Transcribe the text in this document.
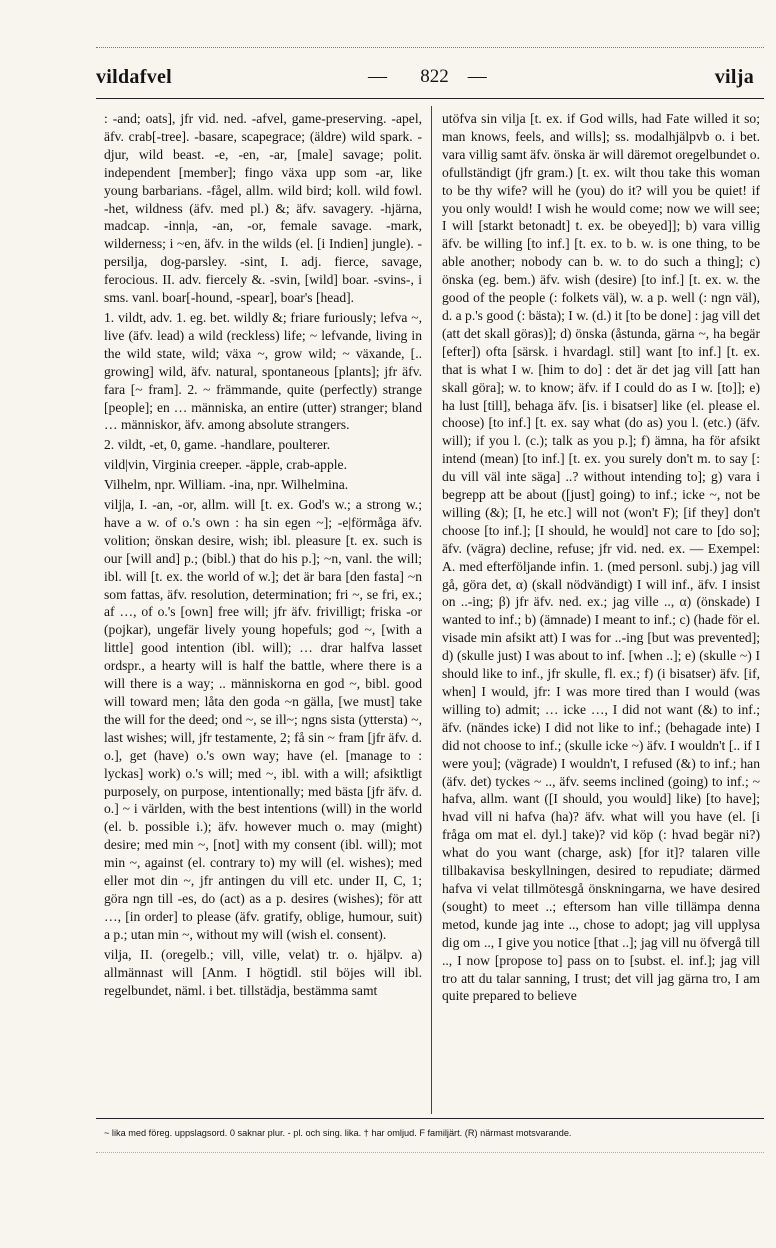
vildafvel	— 822 —	vilja

: -and; oats], jfr vid. ned. -afvel, game-preserving. -apel, äfv. crab[-tree]. -basare, scapegrace; (äldre) wild spark. -djur, wild beast. -e, -en, -ar, [male] savage; polit. independent [member]; fingo växa upp som -ar, like young barbarians. -fågel, allm. wild bird; koll. wild fowl. -het, wildness (äfv. med pl.) &; äfv. savagery. -hjärna, madcap. -inn|a, -an, -or, female savage. -mark, wilderness; i ~en, äfv. in the wilds (el. [i Indien] jungle). -persilja, dog-parsley. -sint, I. adj. fierce, savage, ferocious. II. adv. fiercely &. -svin, [wild] boar. -svins-, i sms. vanl. boar[-hound, -spear], boar's [head].

1. vildt, adv. 1. eg. bet. wildly &; friare furiously; lefva ~, live (äfv. lead) a wild (reckless) life; ~ lefvande, living in the wild state, wild; växa ~, grow wild; ~ växande, [.. growing] wild, äfv. natural, spontaneous [plants]; jfr äfv. fara [~ fram]. 2. ~ främmande, quite (perfectly) strange [people]; en … människa, an entire (utter) stranger; bland … människor, äfv. among absolute strangers.

2. vildt, -et, 0, game. -handlare, poulterer.

vild|vin, Virginia creeper. -äpple, crab-apple.

Vilhelm, npr. William. -ina, npr. Wilhelmina.

vilj|a, I. -an, -or, allm. will [t. ex. God's w.; a strong w.; have a w. of o.'s own : ha sin egen ~]; -e|förmåga äfv. volition; önskan desire, wish; ibl. pleasure [t. ex. such is our [will and] p.; (bibl.) that do his p.]; ~n, vanl. the will; ibl. will [t. ex. the world of w.]; det är bara [den fasta] ~n som fattas, äfv. resolution, determination; fri ~, se fri, ex.; af …, of o.'s [own] free will; jfr äfv. frivilligt; friska -or (pojkar), ungefär lively young hopefuls; god ~, [with a little] good intention (ibl. will); … drar halfva lasset ordspr., a hearty will is half the battle, where there is a will there is a way; .. människorna en god ~, bibl. good will toward men; låta den goda ~n gälla, [we must] take the will for the deed; ond ~, se ill~; ngns sista (yttersta) ~, last wishes; will, jfr testamente, 2; få sin ~ fram [jfr äfv. d. o.], get (have) o.'s own way; have (el. [manage to : lyckas] work) o.'s will; med ~, ibl. with a will; afsiktligt purposely, on purpose, intentionally; med bästa [jfr äfv. d. o.] ~ i världen, with the best intentions (will) in the world (el. b. possible i.); äfv. however much o. may (might) desire; med min ~, [not] with my consent (ibl. will); mot min ~, against (el. contrary to) my will (el. wishes); med eller mot din ~, jfr antingen du vill etc. under II, C, 1; göra ngn till -es, do (act) as a p. desires (wishes); för att …, [in order] to please (äfv. gratify, oblige, humour, suit) a p.; utan min ~, without my will (wish el. consent).

vilja, II. (oregelb.; vill, ville, velat) tr. o. hjälpv. a) allmännast will [Anm. I högtidl. stil böjes will ibl. regelbundet, näml. i bet. tillstädja, bestämma samt

utöfva sin vilja [t. ex. if God wills, had Fate willed it so; man knows, feels, and wills]; ss. modalhjälpvb o. i bet. vara villig samt äfv. önska är will däremot oregelbundet o. ofullständigt (jfr gram.) [t. ex. wilt thou take this woman to be thy wife? will he (you) do it? will you be quiet! if you only would! I wish he would come; now we will see; I will [starkt betonadt] t. ex. be obeyed]]; b) vara villig äfv. be willing [to inf.] [t. ex. to b. w. is one thing, to be able another; nobody can b. w. to do such a thing]; c) önska (eg. bem.) äfv. wish (desire) [to inf.] [t. ex. w. the good of the people (: folkets väl), w. a p. well (: ngn väl), d. a p.'s good (: bästa); I w. (d.) it [to be done] : jag vill det (att det skall göras)]; d) önska (åstunda, gärna ~, ha begär [efter]) ofta [särsk. i hvardagl. stil] want [to inf.] [t. ex. that is what I w. [him to do] : det är det jag vill [att han skall göra]; w. to know; äfv. if I could do as I w. [to]]; e) ha lust [till], behaga äfv. [is. i bisatser] like (el. please el. choose) [to inf.] [t. ex. say what (do as) you l. (etc.) (äfv. will); if you l. (c.); talk as you p.]; f) ämna, ha för afsikt intend (mean) [to inf.] [t. ex. you surely don't m. to say [: du vill väl inte säga] ..? without intending to]; g) vara i begrepp att be about ([just] going) to inf.; icke ~, not be willing (&); [I, he etc.] will not (won't F); [if they] don't choose [to inf.]; [I should, he would] not care to [do so]; äfv. (vägra) decline, refuse; jfr vid. ned. ex. — Exempel: A. med efterföljande infin. 1. (med personl. subj.) jag vill gå, göra det, α) (skall nödvändigt) I will inf., äfv. I insist on ..-ing; β) jfr äfv. ned. ex.; jag ville .., α) (önskade) I wanted to inf.; b) (ämnade) I meant to inf.; c) (hade för el. visade min afsikt att) I was for ..-ing [but was prevented]; d) (skulle just) I was about to inf. [when ..]; e) (skulle ~) I should like to inf., jfr skulle, fl. ex.; f) (i bisatser) äfv. [if, when] I would, jfr: I was more tired than I would (was willing to) admit; … icke …, I did not want (&) to inf.; äfv. (nändes icke) I did not like to inf.; (behagade inte) I did not choose to inf.; (skulle icke ~) äfv. I wouldn't [.. if I were you]; (vägrade) I wouldn't, I refused (&) to inf.; han (äfv. det) tyckes ~ .., äfv. seems inclined (going) to inf.; ~ hafva, allm. want ([I should, you would] like) [to have]; hvad vill ni hafva (ha)? äfv. what will you have (el. [i fråga om mat el. dyl.] take)? vid köp (: hvad begär ni?) what do you want (charge, ask) [for it]? talaren ville tillbakavisa beskyllningen, desired to repudiate; därmed hafva vi velat tillmötesgå önskningarna, we have desired (sought) to meet ..; eftersom han ville tillämpa denna metod, kunde jag inte .., chose to adopt; jag vill upplysa dig om .., I give you notice [that ..]; jag vill nu öfvergå till .., I now [propose to] pass on to [subst. el. inf.]; jag vill tro att du talar sanning, I trust; det vill jag gärna tro, I am quite prepared to believe

~ lika med föreg. uppslagsord. 0 saknar plur. - pl. och sing. lika. † har omljud. F familjärt. (R) närmast motsvarande.
